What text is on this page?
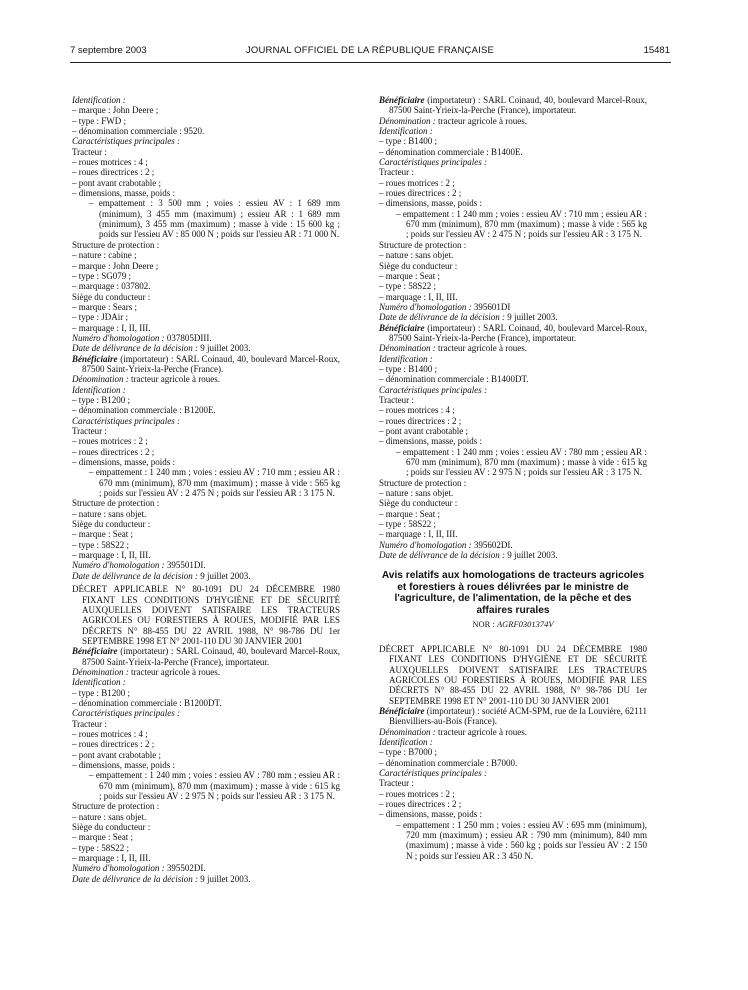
7 septembre 2003	JOURNAL OFFICIEL DE LA RÉPUBLIQUE FRANÇAISE	15481
Identification :
– marque : John Deere ;
– type : FWD ;
– dénomination commerciale : 9520.
Caractéristiques principales :
Tracteur :
– roues motrices : 4 ;
– roues directrices : 2 ;
– pont avant crabotable ;
– dimensions, masse, poids :
– empattement : 3 500 mm ; voies : essieu AV : 1 689 mm (minimum), 3 455 mm (maximum) ; essieu AR : 1 689 mm (minimum), 3 455 mm (maximum) ; masse à vide : 15 600 kg ; poids sur l'essieu AV : 85 000 N ; poids sur l'essieu AR : 71 000 N.
Structure de protection :
– nature : cabine ;
– marque : John Deere ;
– type : SG079 ;
– marquage : 037802.
Siège du conducteur :
– marque : Sears ;
– type : JDAir ;
– marquage : I, II, III.
Numéro d'homologation : 037805DIII.
Date de délivrance de la décision : 9 juillet 2003.
Bénéficiaire (importateur) : SARL Coinaud, 40, boulevard Marcel-Roux, 87500 Saint-Yrieix-la-Perche (France).
Dénomination : tracteur agricole à roues.
Identification :
– type : B1200 ;
– dénomination commerciale : B1200E.
Caractéristiques principales :
Tracteur :
– roues motrices : 2 ;
– roues directrices : 2 ;
– dimensions, masse, poids :
– empattement : 1 240 mm ; voies : essieu AV : 710 mm ; essieu AR : 670 mm (minimum), 870 mm (maximum) ; masse à vide : 565 kg ; poids sur l'essieu AV : 2 475 N ; poids sur l'essieu AR : 3 175 N.
Structure de protection :
– nature : sans objet.
Siège du conducteur :
– marque : Seat ;
– type : 58S22 ;
– marquage : I, II, III.
Numéro d'homologation : 395501DI.
Date de délivrance de la décision : 9 juillet 2003.
DÉCRET APPLICABLE N° 80-1091 DU 24 DÉCEMBRE 1980 FIXANT LES CONDITIONS D'HYGIÈNE ET DE SÉCURITÉ AUXQUELLES DOIVENT SATISFAIRE LES TRACTEURS AGRICOLES OU FORESTIERS À ROUES, MODIFIÉ PAR LES DÉCRETS N° 88-455 DU 22 AVRIL 1988, N° 98-786 DU 1er SEPTEMBRE 1998 ET N° 2001-110 DU 30 JANVIER 2001
Bénéficiaire (importateur) : SARL Coinaud, 40, boulevard Marcel-Roux, 87500 Saint-Yrieix-la-Perche (France), importateur.
Dénomination : tracteur agricole à roues.
Identification :
– type : B1200 ;
– dénomination commerciale : B1200DT.
Caractéristiques principales :
Tracteur :
– roues motrices : 4 ;
– roues directrices : 2 ;
– pont avant crabotable ;
– dimensions, masse, poids :
– empattement : 1 240 mm ; voies : essieu AV : 780 mm ; essieu AR : 670 mm (minimum), 870 mm (maximum) ; masse à vide : 615 kg ; poids sur l'essieu AV : 2 975 N ; poids sur l'essieu AR : 3 175 N.
Structure de protection :
– nature : sans objet.
Siège du conducteur :
– marque : Seat ;
– type : 58S22 ;
– marquage : I, II, III.
Numéro d'homologation : 395502DI.
Date de délivrance de la décision : 9 juillet 2003.
Bénéficiaire (importateur) : SARL Coinaud, 40, boulevard Marcel-Roux, 87500 Saint-Yrieix-la-Perche (France), importateur.
Dénomination : tracteur agricole à roues.
Identification :
– type : B1400 ;
– dénomination commerciale : B1400E.
Caractéristiques principales :
Tracteur :
– roues motrices : 2 ;
– roues directrices : 2 ;
– dimensions, masse, poids :
– empattement : 1 240 mm ; voies : essieu AV : 710 mm ; essieu AR : 670 mm (minimum), 870 mm (maximum) ; masse à vide : 565 kg ; poids sur l'essieu AV : 2 475 N ; poids sur l'essieu AR : 3 175 N.
Structure de protection :
– nature : sans objet.
Siège du conducteur :
– marque : Seat ;
– type : 58S22 ;
– marquage : I, II, III.
Numéro d'homologation : 395601DI
Date de délivrance de la décision : 9 juillet 2003.
Bénéficiaire (importateur) : SARL Coinaud, 40, boulevard Marcel-Roux, 87500 Saint-Yrieix-la-Perche (France), importateur.
Dénomination : tracteur agricole à roues.
Identification :
– type : B1400 ;
– dénomination commerciale : B1400DT.
Caractéristiques principales :
Tracteur :
– roues motrices : 4 ;
– roues directrices : 2 ;
– pont avant crabotable ;
– dimensions, masse, poids :
– empattement : 1 240 mm ; voies : essieu AV : 780 mm ; essieu AR : 670 mm (minimum), 870 mm (maximum) ; masse à vide : 615 kg ; poids sur l'essieu AV : 2 975 N ; poids sur l'essieu AR : 3 175 N.
Structure de protection :
– nature : sans objet.
Siège du conducteur :
– marque : Seat ;
– type : 58S22 ;
– marquage : I, II, III.
Numéro d'homologation : 395602DI.
Date de délivrance de la décision : 9 juillet 2003.
Avis relatifs aux homologations de tracteurs agricoles et forestiers à roues délivrées par le ministre de l'agriculture, de l'alimentation, de la pêche et des affaires rurales
NOR : AGRF0301374V
DÉCRET APPLICABLE N° 80-1091 DU 24 DÉCEMBRE 1980 FIXANT LES CONDITIONS D'HYGIÈNE ET DE SÉCURITÉ AUXQUELLES DOIVENT SATISFAIRE LES TRACTEURS AGRICOLES OU FORESTIERS À ROUES, MODIFIÉ PAR LES DÉCRETS N° 88-455 DU 22 AVRIL 1988, N° 98-786 DU 1er SEPTEMBRE 1998 ET N° 2001-110 DU 30 JANVIER 2001
Bénéficiaire (importateur) : société ACM-SPM, rue de la Louvière, 62111 Bienvilliers-au-Bois (France).
Dénomination : tracteur agricole à roues.
Identification :
– type : B7000 ;
– dénomination commerciale : B7000.
Caractéristiques principales :
Tracteur :
– roues motrices : 2 ;
– roues directrices : 2 ;
– dimensions, masse, poids :
– empattement : 1 250 mm ; voies : essieu AV : 695 mm (minimum), 720 mm (maximum) ; essieu AR : 790 mm (minimum), 840 mm (maximum) ; masse à vide : 560 kg ; poids sur l'essieu AV : 2 150 N ; poids sur l'essieu AR : 3 450 N.
